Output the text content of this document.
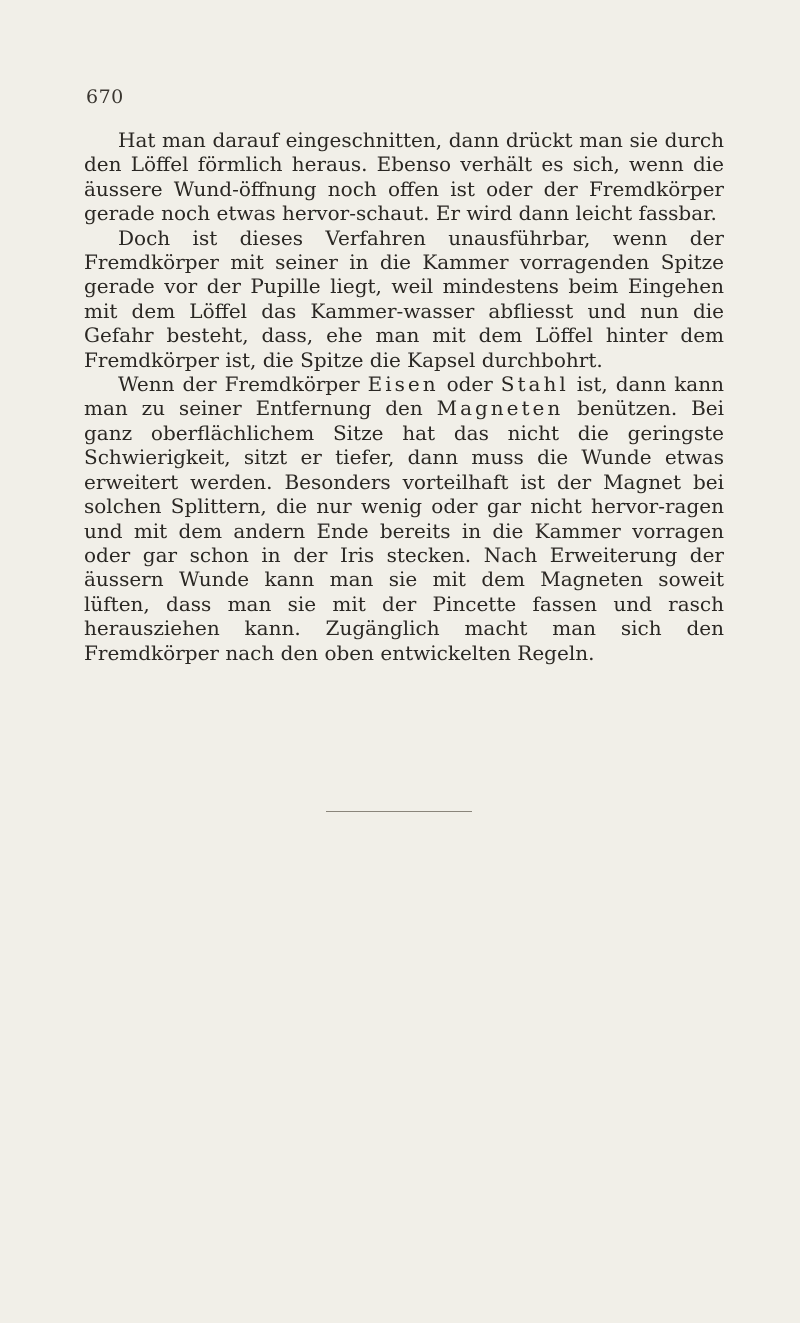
670

Hat man darauf eingeschnitten, dann drückt man sie durch den Löffel förmlich heraus. Ebenso verhält es sich, wenn die äussere Wund-öffnung noch offen ist oder der Fremdkörper gerade noch etwas hervor-schaut. Er wird dann leicht fassbar.

Doch ist dieses Verfahren unausführbar, wenn der Fremdkörper mit seiner in die Kammer vorragenden Spitze gerade vor der Pupille liegt, weil mindestens beim Eingehen mit dem Löffel das Kammer-wasser abfliesst und nun die Gefahr besteht, dass, ehe man mit dem Löffel hinter dem Fremdkörper ist, die Spitze die Kapsel durchbohrt.

Wenn der Fremdkörper Eisen oder Stahl ist, dann kann man zu seiner Entfernung den Magneten benützen. Bei ganz oberflächlichem Sitze hat das nicht die geringste Schwierigkeit, sitzt er tiefer, dann muss die Wunde etwas erweitert werden. Besonders vorteilhaft ist der Magnet bei solchen Splittern, die nur wenig oder gar nicht hervor-ragen und mit dem andern Ende bereits in die Kammer vorragen oder gar schon in der Iris stecken. Nach Erweiterung der äussern Wunde kann man sie mit dem Magneten soweit lüften, dass man sie mit der Pincette fassen und rasch herausziehen kann. Zugänglich macht man sich den Fremdkörper nach den oben entwickelten Regeln.
